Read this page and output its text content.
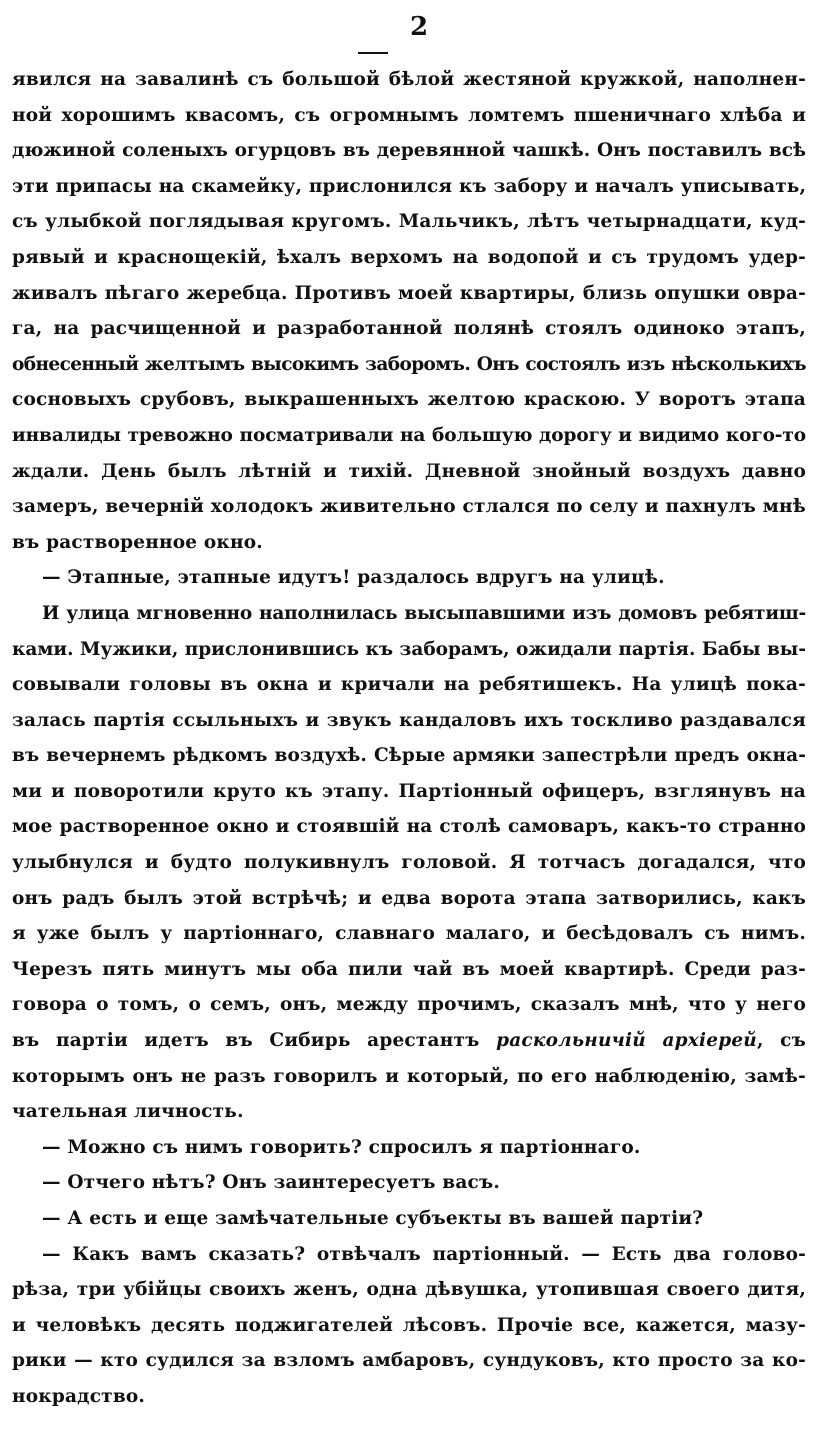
2
явился на завалинѣ съ большой бѣлой жестяной кружкой, наполнен-
ной хорошимъ квасомъ, съ огромнымъ ломтемъ пшеничнаго хлѣба и
дюжиной соленыхъ огурцовъ въ деревянной чашкѣ. Онъ поставилъ всѣ
эти припасы на скамейку, прислонился къ забору и началъ уписывать,
съ улыбкой поглядывая кругомъ. Мальчикъ, лѣтъ четырнадцати, куд-
рявый и краснощекій, ѣхалъ верхомъ на водопой и съ трудомъ удер-
живалъ пѣгаго жеребца. Противъ моей квартиры, близь опушки овра-
га, на расчищенной и разработанной полянѣ стоялъ одиноко этапъ,
обнесенный желтымъ высокимъ заборомъ. Онъ состоялъ изъ нѣсколькихъ
сосновыхъ срубовъ, выкрашенныхъ желтою краскою. У воротъ этапа
инвалиды тревожно посматривали на большую дорогу и видимо кого-то
ждали. День былъ лѣтній и тихій. Дневной знойный воздухъ давно
замеръ, вечерній холодокъ живительно стлался по селу и пахнулъ мнѣ
въ растворенное окно.
— Этапные, этапные идутъ! раздалось вдругъ на улицѣ.
И улица мгновенно наполнилась высыпавшими изъ домовъ ребятиш-
ками. Мужики, прислонившись къ заборамъ, ожидали партія. Бабы вы-
совывали головы въ окна и кричали на ребятишекъ. На улицѣ пока-
залась партія ссыльныхъ и звукъ кандаловъ ихъ тоскливо раздавался
въ вечернемъ рѣдкомъ воздухѣ. Сѣрые армяки запестрѣли предъ окна-
ми и поворотили круто къ этапу. Партіонный офицеръ, взглянувъ на
мое растворенное окно и стоявшій на столѣ самоваръ, какъ-то странно
улыбнулся и будто полукивнулъ головой. Я тотчасъ догадался, что
онъ радъ былъ этой встрѣчѣ; и едва ворота этапа затворились, какъ
я уже былъ у партіоннаго, славнаго малаго, и бесѣдовалъ съ нимъ.
Черезъ пять минутъ мы оба пили чай въ моей квартирѣ. Среди раз-
говора о томъ, о семъ, онъ, между прочимъ, сказалъ мнѣ, что у него
въ партіи идетъ въ Сибирь арестантъ раскольничій архіерей, съ
которымъ онъ не разъ говорилъ и который, по его наблюденію, замѣ-
чательная личность.
— Можно съ нимъ говорить? спросилъ я партіоннаго.
— Отчего нѣтъ? Онъ заинтересуетъ васъ.
— А есть и еще замѣчательные субъекты въ вашей партіи?
— Какъ вамъ сказать? отвѣчалъ партіонный. — Есть два голово-
рѣза, три убійцы своихъ женъ, одна дѣвушка, утопившая своего дитя,
и человѣкъ десять поджигателей лѣсовъ. Прочіе все, кажется, мазу-
рики — кто судился за взломъ амбаровъ, сундуковъ, кто просто за ко-
нокрадство.
